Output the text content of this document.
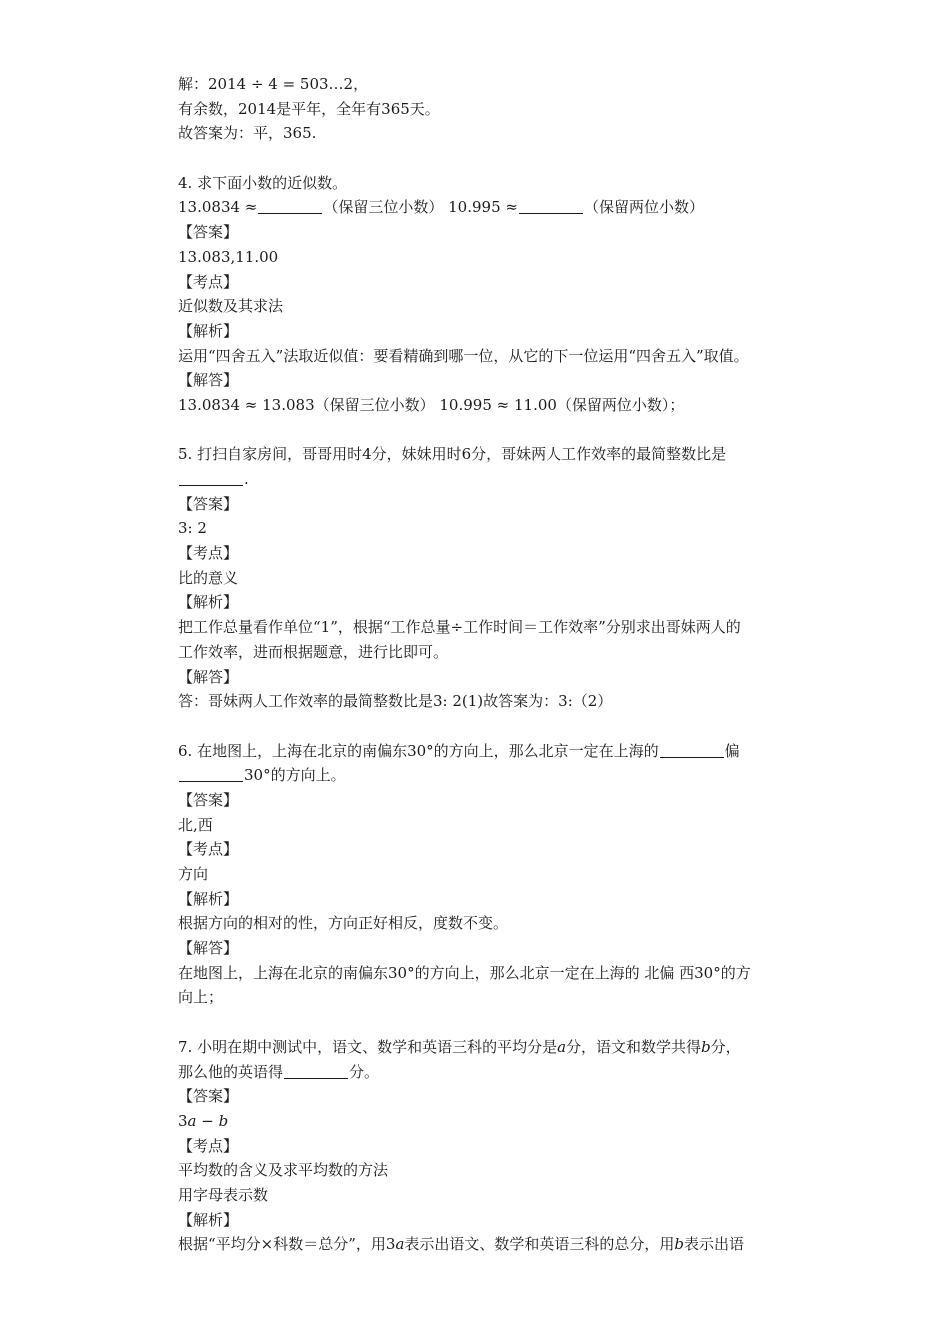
解：2014 ÷ 4 = 503…2，
有余数，2014是平年，全年有365天。
故答案为：平，365.
4. 求下面小数的近似数。
13.0834 ≈	（保留三位小数） 10.995 ≈	（保留两位小数）
【答案】
13.083,11.00
【考点】
近似数及其求法
【解析】
运用“四舍五入”法取近似值：要看精确到哪一位，从它的下一位运用“四舍五入”取值。
【解答】
13.0834 ≈ 13.083（保留三位小数） 10.995 ≈ 11.00（保留两位小数）；
5. 打扫自家房间，哥哥用时4分，妹妹用时6分，哥妹两人工作效率的最简整数比是
.
【答案】
3: 2
【考点】
比的意义
【解析】
把工作总量看作单位“1”，根据“工作总量÷工作时间＝工作效率”分别求出哥妹两人的
工作效率，进而根据题意，进行比即可。
【解答】
答：哥妹两人工作效率的最简整数比是3: 2(1)故答案为：3:（2）
6. 在地图上，上海在北京的南偏东30°的方向上，那么北京一定在上海的	偏
30°的方向上。
【答案】
北,西
【考点】
方向
【解析】
根据方向的相对的性，方向正好相反，度数不变。
【解答】
在地图上，上海在北京的南偏东30°的方向上，那么北京一定在上海的 北偏 西30°的方
向上；
7. 小明在期中测试中，语文、数学和英语三科的平均分是a分，语文和数学共得b分，
那么他的英语得	分。
【答案】
3a − b
【考点】
平均数的含义及求平均数的方法
用字母表示数
【解析】
根据“平均分×科数＝总分”，用3a表示出语文、数学和英语三科的总分，用b表示出语
